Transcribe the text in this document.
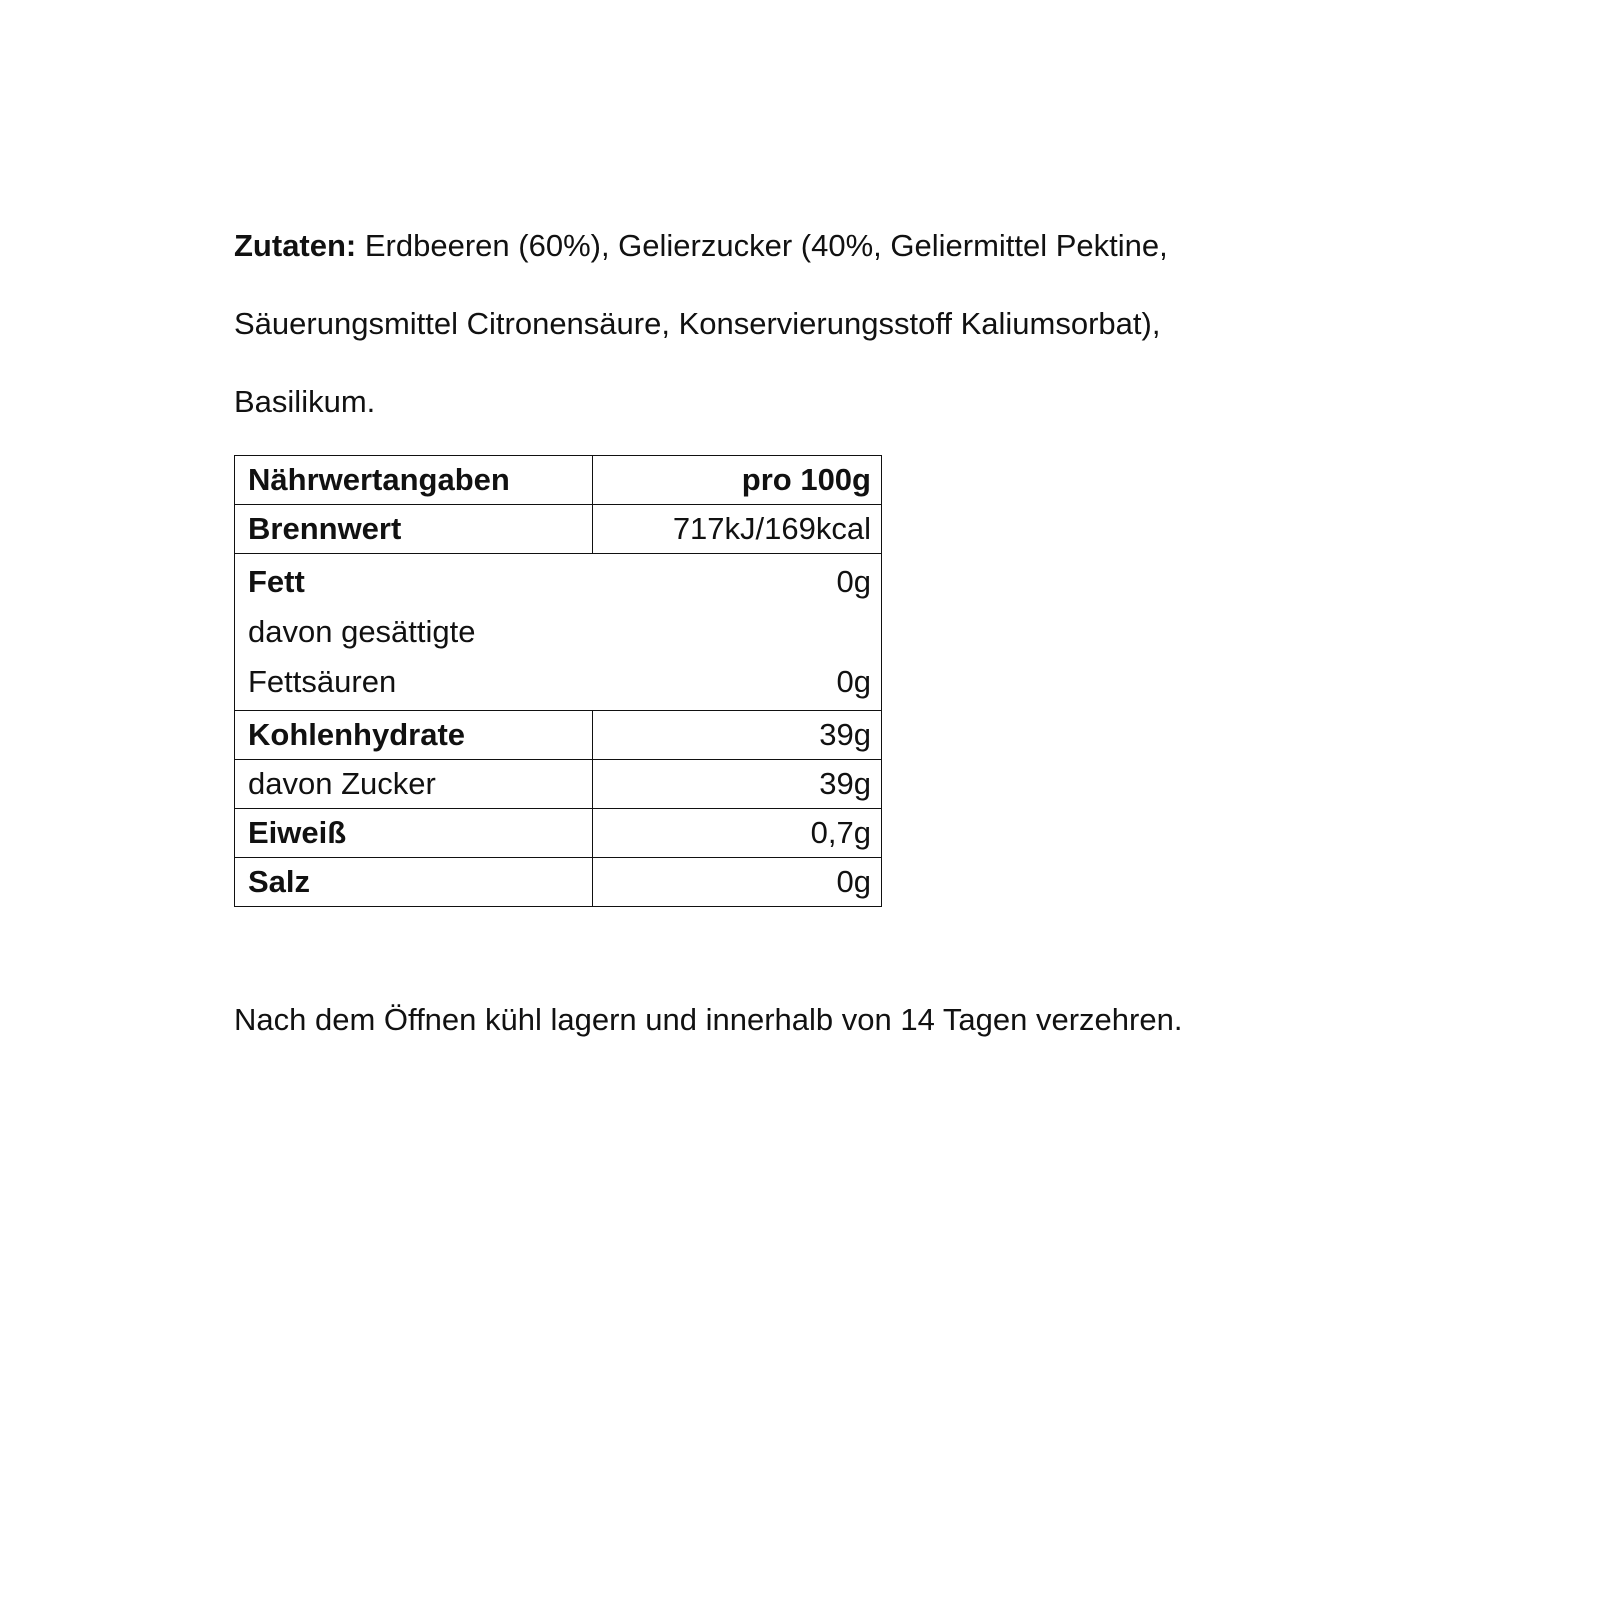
Zutaten: Erdbeeren (60%), Gelierzucker (40%, Geliermittel Pektine,
Säuerungsmittel Citronensäure, Konservierungsstoff Kaliumsorbat),
Basilikum.
Nährwertangaben	pro 100g
Brennwert	717kJ/169kcal

Fett 0g
davon gesättigte
Fettsäuren 0g	

Kohlenhydrate	39g
davon Zucker	39g
Eiweiß	0,7g
Salz	0g
Nach dem Öffnen kühl lagern und innerhalb von 14 Tagen verzehren.
